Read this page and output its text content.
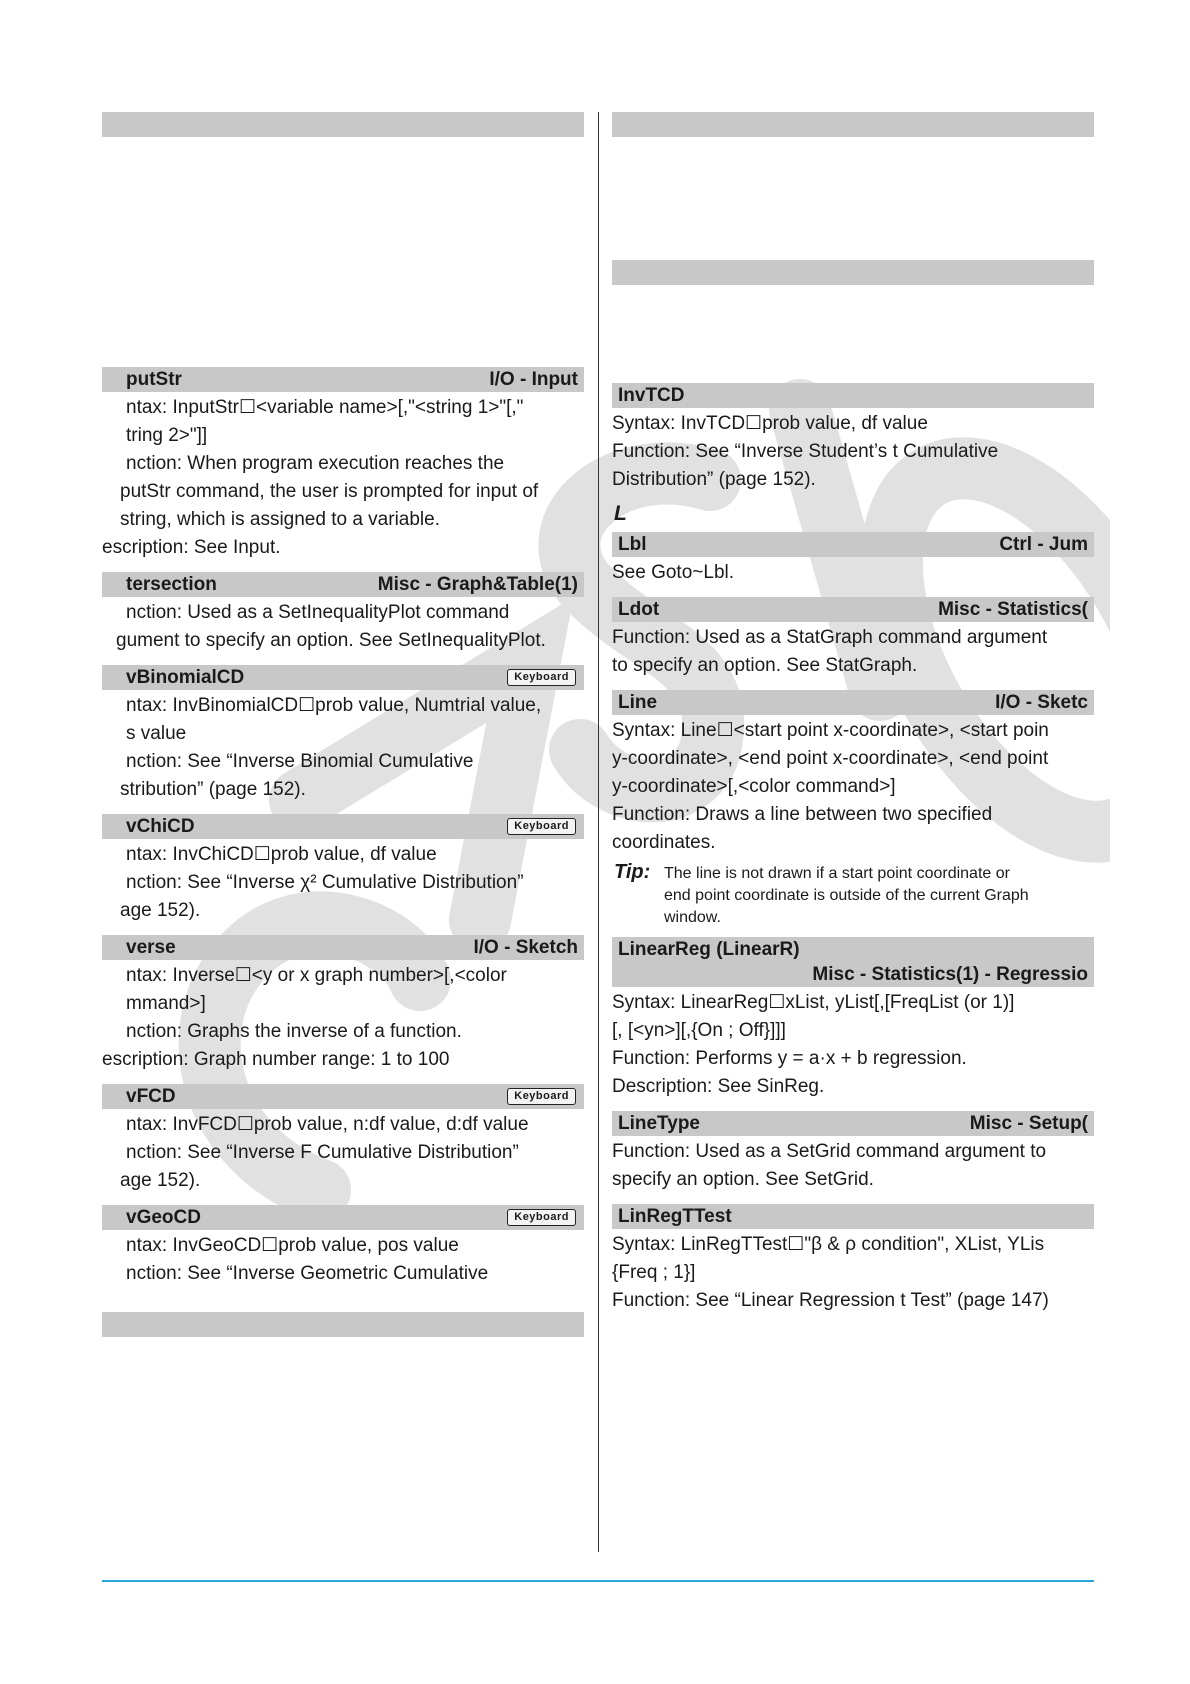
putStr	I/O - Input
ntax: InputStr☐<variable name>[,"<string 1>"[,"
tring 2>"]]
nction: When program execution reaches the
putStr command, the user is prompted for input of
string, which is assigned to a variable.
escription: See Input.
tersection	Misc - Graph&Table(1)
nction: Used as a SetInequalityPlot command
gument to specify an option. See SetInequalityPlot.
vBinomialCD	Keyboard
ntax: InvBinomialCD☐prob value, Numtrial value,
s value
nction: See “Inverse Binomial Cumulative
stribution” (page 152).
vChiCD	Keyboard
ntax: InvChiCD☐prob value, df value
nction: See “Inverse χ² Cumulative Distribution”
age 152).
verse	I/O - Sketch
ntax: Inverse☐<y or x graph number>[,<color
mmand>]
nction: Graphs the inverse of a function.
escription: Graph number range: 1 to 100
vFCD	Keyboard
ntax: InvFCD☐prob value, n:df value, d:df value
nction: See “Inverse F Cumulative Distribution”
age 152).
vGeoCD	Keyboard
ntax: InvGeoCD☐prob value, pos value
nction: See “Inverse Geometric Cumulative
InvTCD
Syntax: InvTCD☐prob value, df value
Function: See “Inverse Student’s t Cumulative
Distribution” (page 152).
L
Lbl	Ctrl - Jum
See Goto~Lbl.
Ldot	Misc - Statistics(
Function: Used as a StatGraph command argument
to specify an option. See StatGraph.
Line	I/O - Sketc
Syntax: Line☐<start point x-coordinate>, <start poin
y-coordinate>, <end point x-coordinate>, <end point
y-coordinate>[,<color command>]
Function: Draws a line between two specified
coordinates.
Tip: The line is not drawn if a start point coordinate or
end point coordinate is outside of the current Graph
window.
LinearReg (LinearR)
Misc - Statistics(1) - Regressio
Syntax: LinearReg☐xList, yList[,[FreqList (or 1)]
[, [<yn>][,{On ; Off}]]]
Function: Performs y = a·x + b regression.
Description: See SinReg.
LineType	Misc - Setup(
Function: Used as a SetGrid command argument to
specify an option. See SetGrid.
LinRegTTest
Syntax: LinRegTTest☐"β & ρ condition", XList, YLis
{Freq ; 1}]
Function: See “Linear Regression t Test” (page 147)
